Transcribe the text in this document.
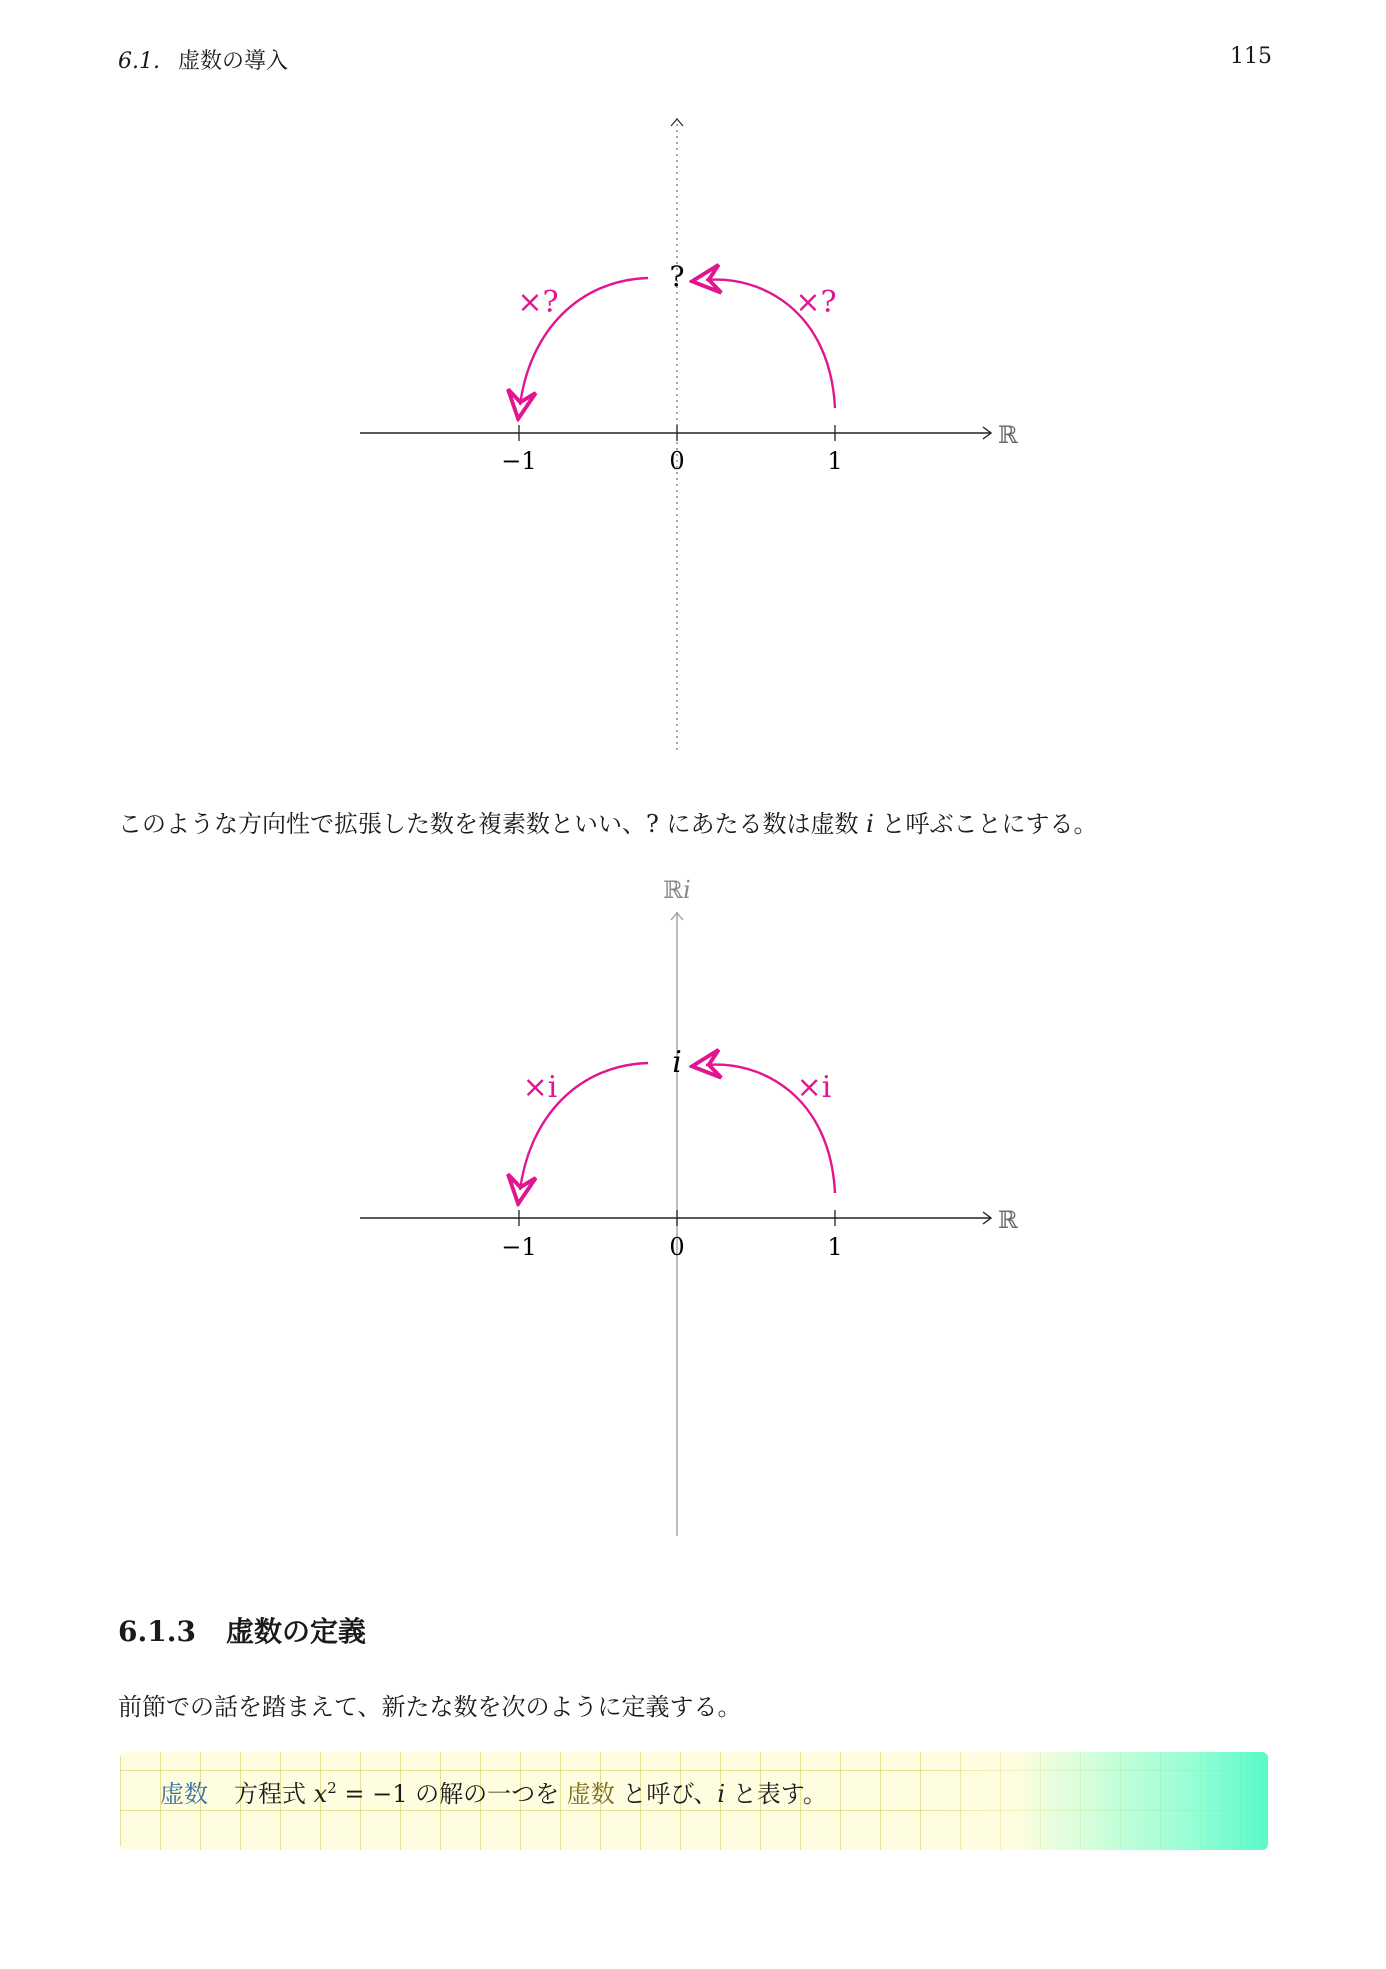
6.1. 虚数の導入	115
ℝ
−1	0	1
?
×?	×?
このような方向性で拡張した数を複素数といい、? にあたる数は虚数 i と呼ぶことにする。
ℝi
ℝ
−1	0	1
i
×i	×i
6.1.3 虚数の定義
前節での話を踏まえて、新たな数を次のように定義する。
虚数 方程式 $x^2 = -1$ の解の一つを 虚数 と呼び、i と表す。
